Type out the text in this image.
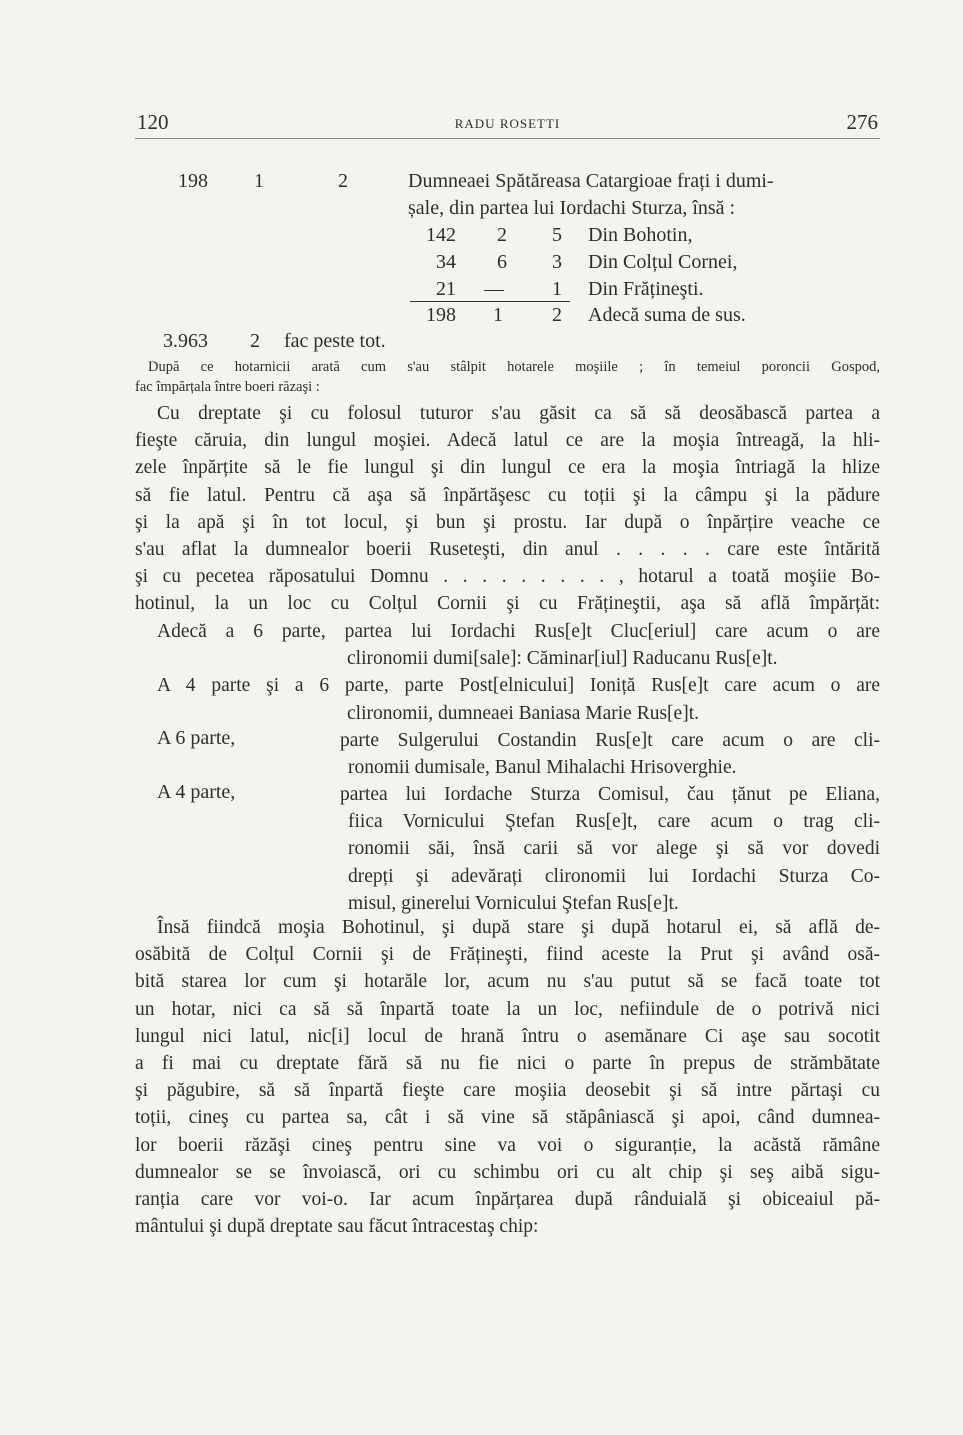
120	RADU ROSETTI	276
198 1	2	Dumneaei Spătăreasa Catargioae frați i dumi-
șale, din partea lui Iordachi Sturza, însă :
142 2 5 Din Bohotin,
34 6 3 Din Colțul Cornei,
21 — 1 Din Frățineşti.
198 1 2 Adecă suma de sus.
3.963 2 fac peste tot.
După ce hotarnicii arată cum s'au stâlpit hotarele moşiile ; în temeiul poroncii Gospod,
fac împărțala între boeri răzaşi :
Cu dreptate şi cu folosul tuturor s'au găsit ca să să deosăbască partea a
fieşte căruia, din lungul moşiei. Adecă latul ce are la moşia întreagă, la hli-
zele înpărțite să le fie lungul şi din lungul ce era la moşia întriagă la hlize
să fie latul. Pentru că aşa să înpărtăşesc cu toții şi la câmpu şi la pădure
şi la apă şi în tot locul, şi bun şi prostu. Iar după o înpărțire veache ce
s'au aflat la dumnealor boerii Ruseteşti, din anul . . . . . care este întărită
şi cu pecetea răposatului Domnu . . . . . . . . . , hotarul a toată moşiie Bo-
hotinul, la un loc cu Colțul Cornii şi cu Frățineştii, aşa să află împărțăt:
Adecă a 6 parte, partea lui Iordachi Rus[e]t Cluc[eriul] care acum o are
clironomii dumi[sale]: Căminar[iul] Raducanu Rus[e]t.
A 4 parte şi a 6 parte, parte Post[elnicului] Ioniță Rus[e]t care acum o are
clironomii, dumneaei Baniasa Marie Rus[e]t.
A 6 parte,	parte Sulgerului Costandin Rus[e]t care acum o are cli-
ronomii dumisale, Banul Mihalachi Hrisoverghie.
A 4 parte,	partea lui Iordache Sturza Comisul, čau țănut pe Eliana,
fiica Vornicului Ştefan Rus[e]t, care acum o trag cli-
ronomii săi, însă carii să vor alege şi să vor dovedi
drepți şi adevărați clironomii lui Iordachi Sturza Co-
misul, ginerelui Vornicului Ştefan Rus[e]t.
Însă fiindcă moşia Bohotinul, şi după stare şi după hotarul ei, să află de-
osăbită de Colțul Cornii şi de Frățineşti, fiind aceste la Prut şi având osă-
bită starea lor cum şi hotarăle lor, acum nu s'au putut să se facă toate tot
un hotar, nici ca să să înpartă toate la un loc, nefiindule de o potrivă nici
lungul nici latul, nic[i] locul de hrană întru o asemănare Ci aşe sau socotit
a fi mai cu dreptate fără să nu fie nici o parte în prepus de strămbătate
şi păgubire, să să înpartă fieşte care moşiia deosebit şi să intre părtaşi cu
toții, cineş cu partea sa, cât i să vine să stăpâniască şi apoi, când dumnea-
lor boerii răzăşi cineş pentru sine va voi o siguranție, la acăstă rămâne
dumnealor se se învoiască, ori cu schimbu ori cu alt chip şi seş aibă sigu-
ranția care vor voi-o. Iar acum înpărțarea după rânduială şi obiceaiul pă-
mântului şi după dreptate sau făcut întracestaş chip:
